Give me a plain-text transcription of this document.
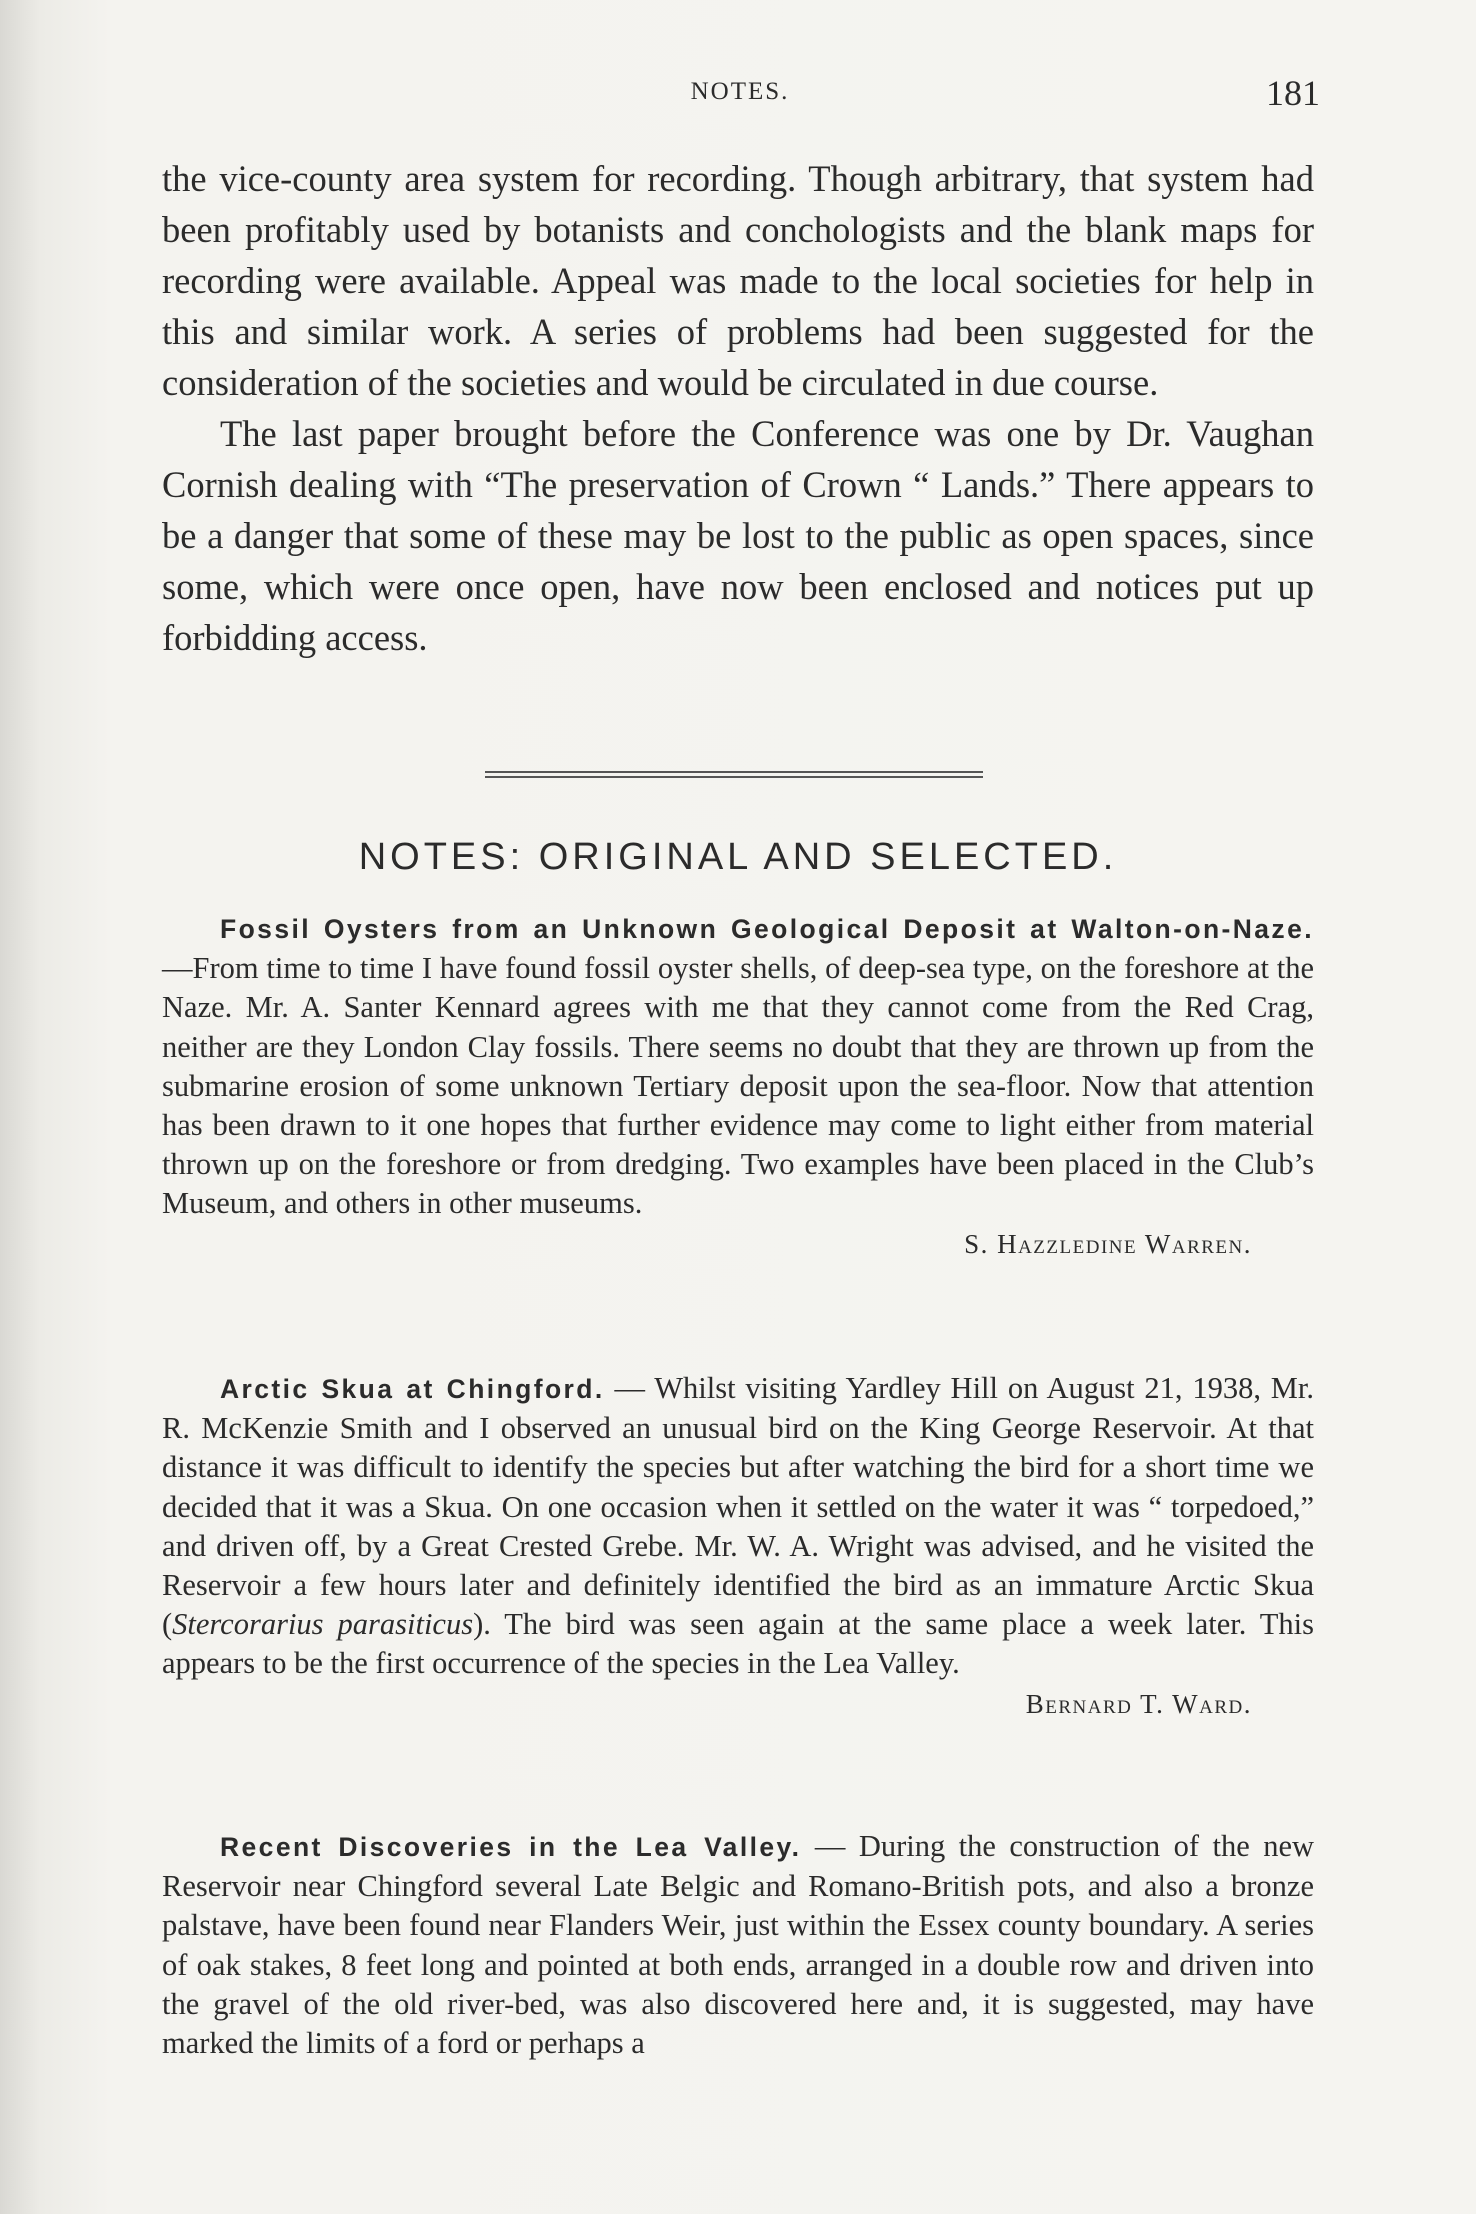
NOTES.	181

the vice-county area system for recording. Though arbitrary, that system had been profitably used by botanists and conchologists and the blank maps for recording were available. Appeal was made to the local societies for help in this and similar work. A series of problems had been suggested for the consideration of the societies and would be circulated in due course.

The last paper brought before the Conference was one by Dr. Vaughan Cornish dealing with “The preservation of Crown “ Lands.” There appears to be a danger that some of these may be lost to the public as open spaces, since some, which were once open, have now been enclosed and notices put up forbidding access.

NOTES: ORIGINAL AND SELECTED.

Fossil Oysters from an Unknown Geological Deposit at Walton-on-Naze.—From time to time I have found fossil oyster shells, of deep-sea type, on the foreshore at the Naze. Mr. A. Santer Kennard agrees with me that they cannot come from the Red Crag, neither are they London Clay fossils. There seems no doubt that they are thrown up from the submarine erosion of some unknown Tertiary deposit upon the sea-floor. Now that attention has been drawn to it one hopes that further evidence may come to light either from material thrown up on the foreshore or from dredging. Two examples have been placed in the Club’s Museum, and others in other museums.

S. Hazzledine Warren.

Arctic Skua at Chingford. — Whilst visiting Yardley Hill on August 21, 1938, Mr. R. McKenzie Smith and I observed an unusual bird on the King George Reservoir. At that distance it was difficult to identify the species but after watching the bird for a short time we decided that it was a Skua. On one occasion when it settled on the water it was “ torpedoed,” and driven off, by a Great Crested Grebe. Mr. W. A. Wright was advised, and he visited the Reservoir a few hours later and definitely identified the bird as an immature Arctic Skua (Stercorarius parasiticus). The bird was seen again at the same place a week later. This appears to be the first occurrence of the species in the Lea Valley.

Bernard T. Ward.

Recent Discoveries in the Lea Valley. — During the construction of the new Reservoir near Chingford several Late Belgic and Romano-British pots, and also a bronze palstave, have been found near Flanders Weir, just within the Essex county boundary. A series of oak stakes, 8 feet long and pointed at both ends, arranged in a double row and driven into the gravel of the old river-bed, was also discovered here and, it is suggested, may have marked the limits of a ford or perhaps a
